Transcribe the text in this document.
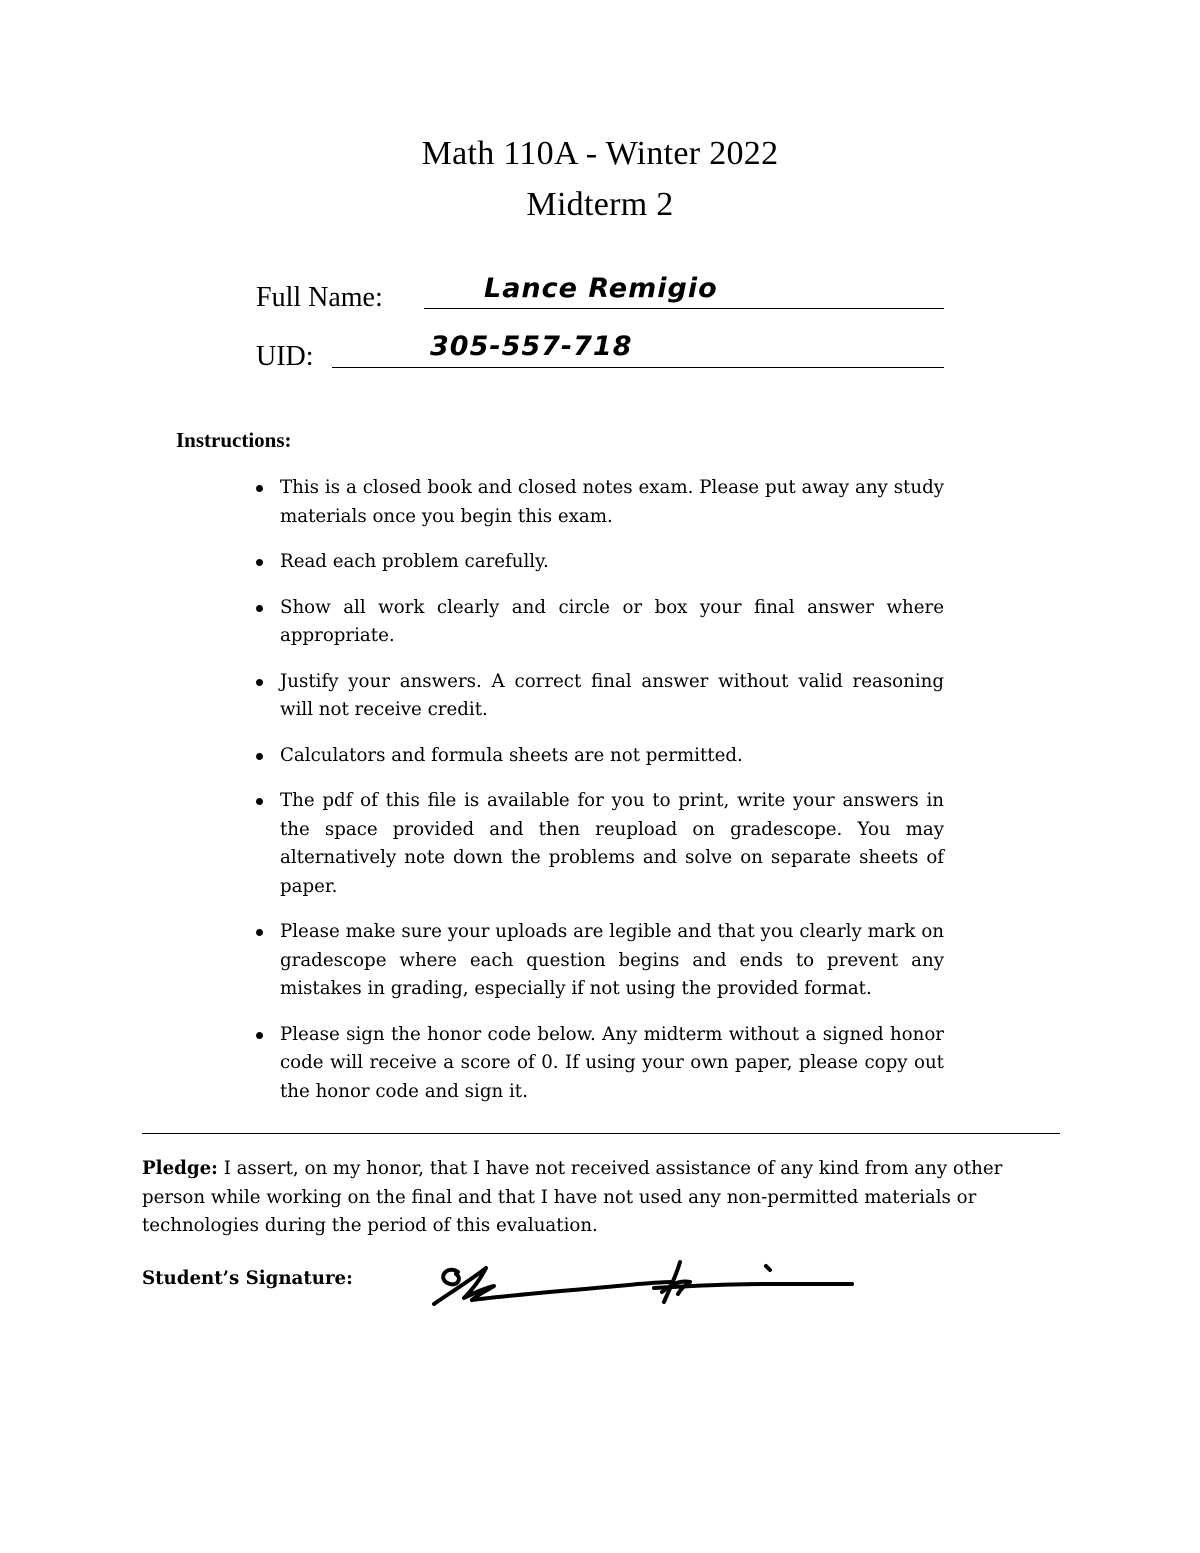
Math 110A - Winter 2022
Midterm 2
Full Name:	Lance Remigio
UID:	305-557-718
Instructions:
This is a closed book and closed notes exam. Please put away any study materials once you begin this exam.
Read each problem carefully.
Show all work clearly and circle or box your final answer where appropriate.
Justify your answers. A correct final answer without valid reasoning will not receive credit.
Calculators and formula sheets are not permitted.
The pdf of this file is available for you to print, write your answers in the space provided and then reupload on gradescope. You may alternatively note down the problems and solve on separate sheets of paper.
Please make sure your uploads are legible and that you clearly mark on gradescope where each question begins and ends to prevent any mistakes in grading, especially if not using the provided format.
Please sign the honor code below. Any midterm without a signed honor code will receive a score of 0. If using your own paper, please copy out the honor code and sign it.

Pledge: I assert, on my honor, that I have not received assistance of any kind from any other person while working on the final and that I have not used any non-permitted materials or technologies during the period of this evaluation.

Student’s Signature:
